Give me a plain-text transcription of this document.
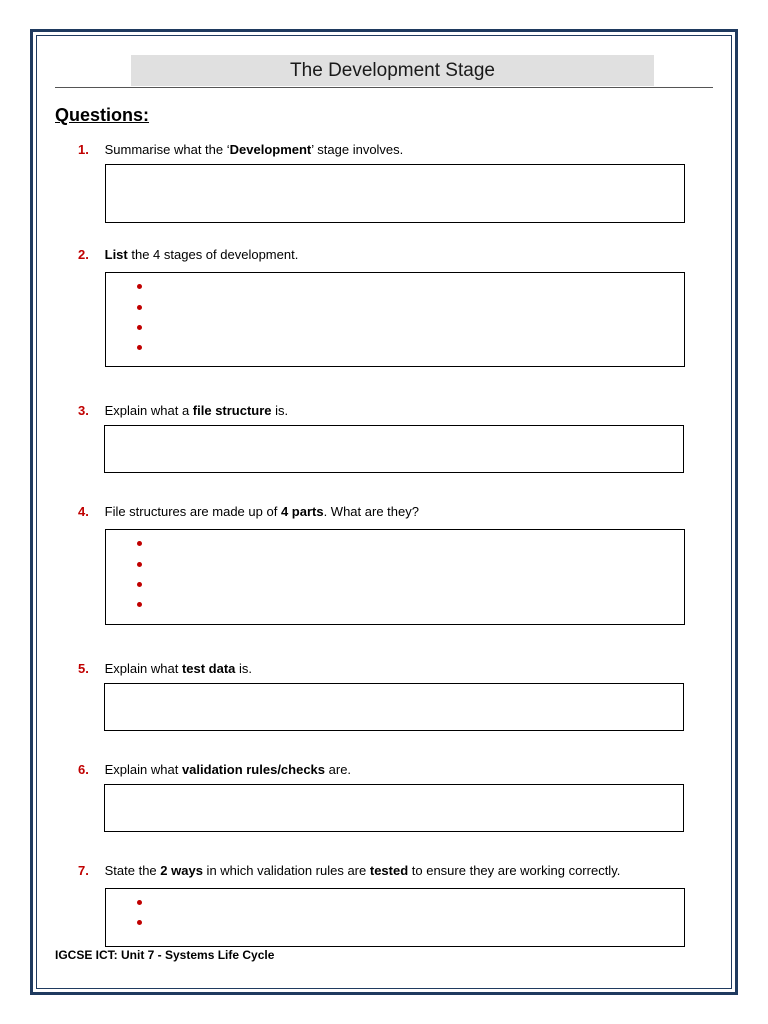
The Development Stage
Questions:
1. Summarise what the ‘Development’ stage involves.
2. List the 4 stages of development.
3. Explain what a file structure is.
4. File structures are made up of 4 parts. What are they?
5. Explain what test data is.
6. Explain what validation rules/checks are.
7. State the 2 ways in which validation rules are tested to ensure they are working correctly.
IGCSE ICT: Unit 7 - Systems Life Cycle
